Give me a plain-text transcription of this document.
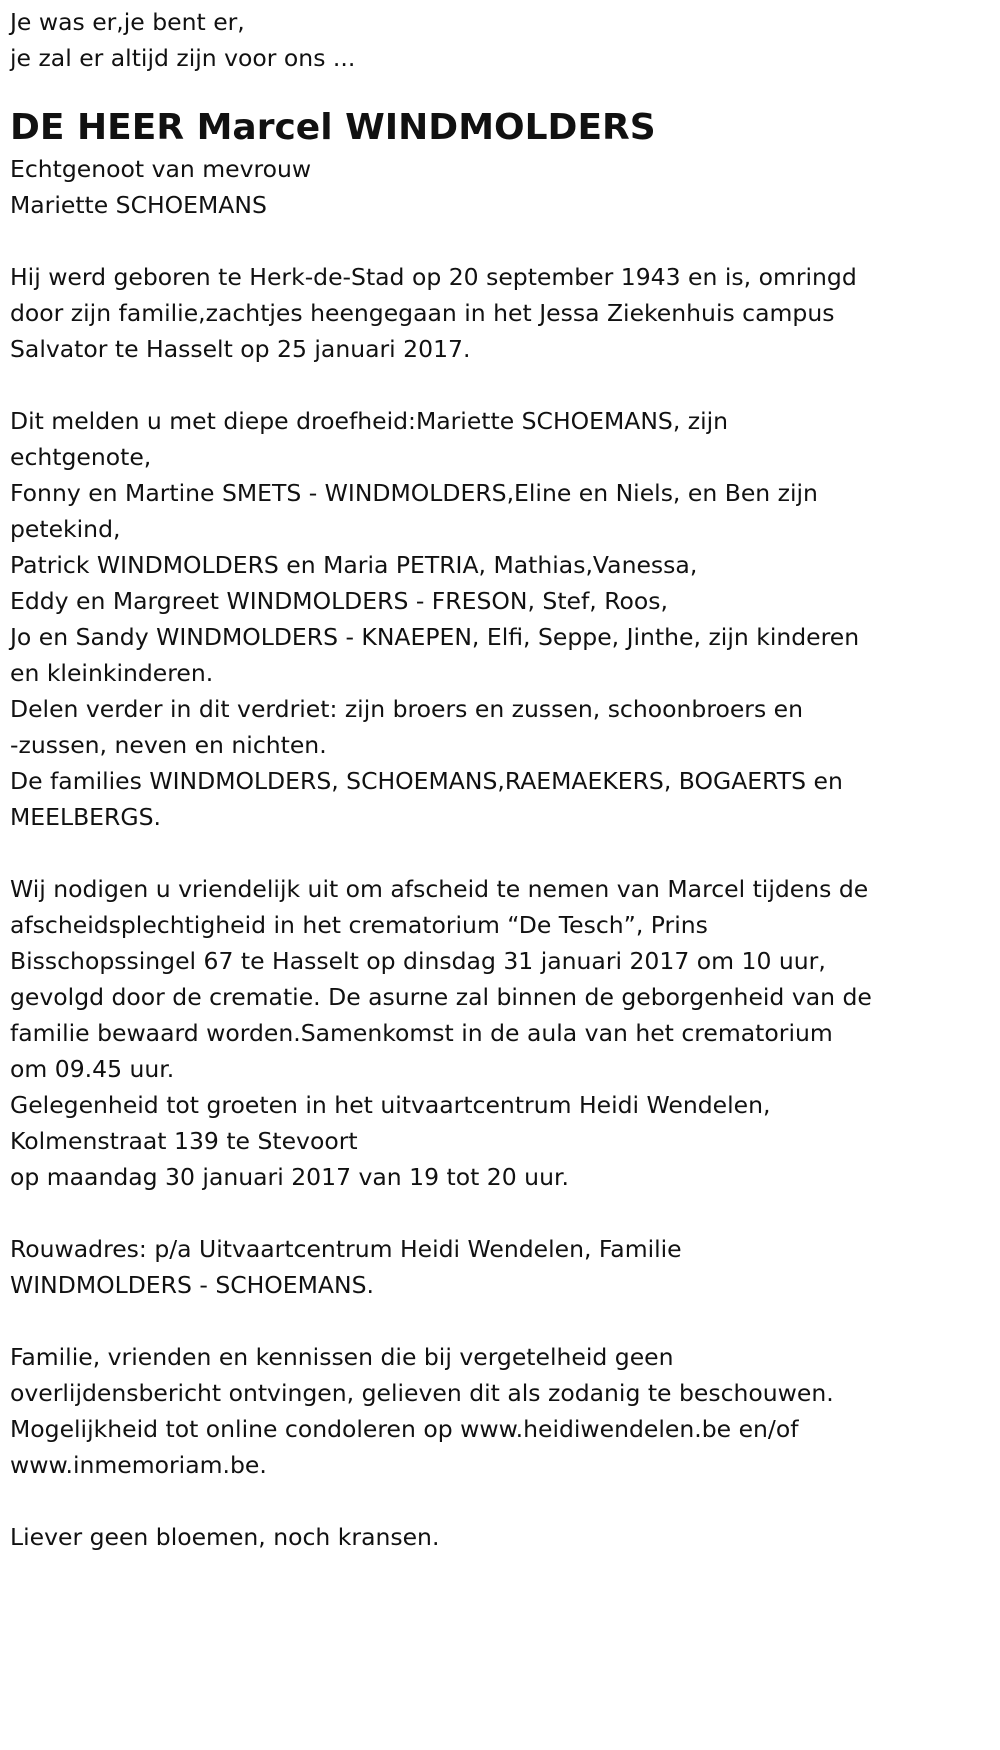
Je was er,je bent er,
je zal er altijd zijn voor ons ...
DE HEER Marcel WINDMOLDERS
Echtgenoot van mevrouw
Mariette SCHOEMANS
Hij werd geboren te Herk-de-Stad op 20 september 1943 en is, omringd
door zijn familie,zachtjes heengegaan in het Jessa Ziekenhuis campus
Salvator te Hasselt op 25 januari 2017.
Dit melden u met diepe droefheid:Mariette SCHOEMANS, zijn
echtgenote,
Fonny en Martine SMETS - WINDMOLDERS,Eline en Niels, en Ben zijn
petekind,
Patrick WINDMOLDERS en Maria PETRIA, Mathias,Vanessa,
Eddy en Margreet WINDMOLDERS - FRESON, Stef, Roos,
Jo en Sandy WINDMOLDERS - KNAEPEN, Elfi, Seppe, Jinthe, zijn kinderen
en kleinkinderen.
Delen verder in dit verdriet: zijn broers en zussen, schoonbroers en
-zussen, neven en nichten.
De families WINDMOLDERS, SCHOEMANS,RAEMAEKERS, BOGAERTS en
MEELBERGS.
Wij nodigen u vriendelijk uit om afscheid te nemen van Marcel tijdens de
afscheidsplechtigheid in het crematorium “De Tesch”, Prins
Bisschopssingel 67 te Hasselt op dinsdag 31 januari 2017 om 10 uur,
gevolgd door de crematie. De asurne zal binnen de geborgenheid van de
familie bewaard worden.Samenkomst in de aula van het crematorium
om 09.45 uur.
Gelegenheid tot groeten in het uitvaartcentrum Heidi Wendelen,
Kolmenstraat 139 te Stevoort
op maandag 30 januari 2017 van 19 tot 20 uur.
Rouwadres: p/a Uitvaartcentrum Heidi Wendelen, Familie
WINDMOLDERS - SCHOEMANS.
Familie, vrienden en kennissen die bij vergetelheid geen
overlijdensbericht ontvingen, gelieven dit als zodanig te beschouwen.
Mogelijkheid tot online condoleren op www.heidiwendelen.be en/of
www.inmemoriam.be.
Liever geen bloemen, noch kransen.
